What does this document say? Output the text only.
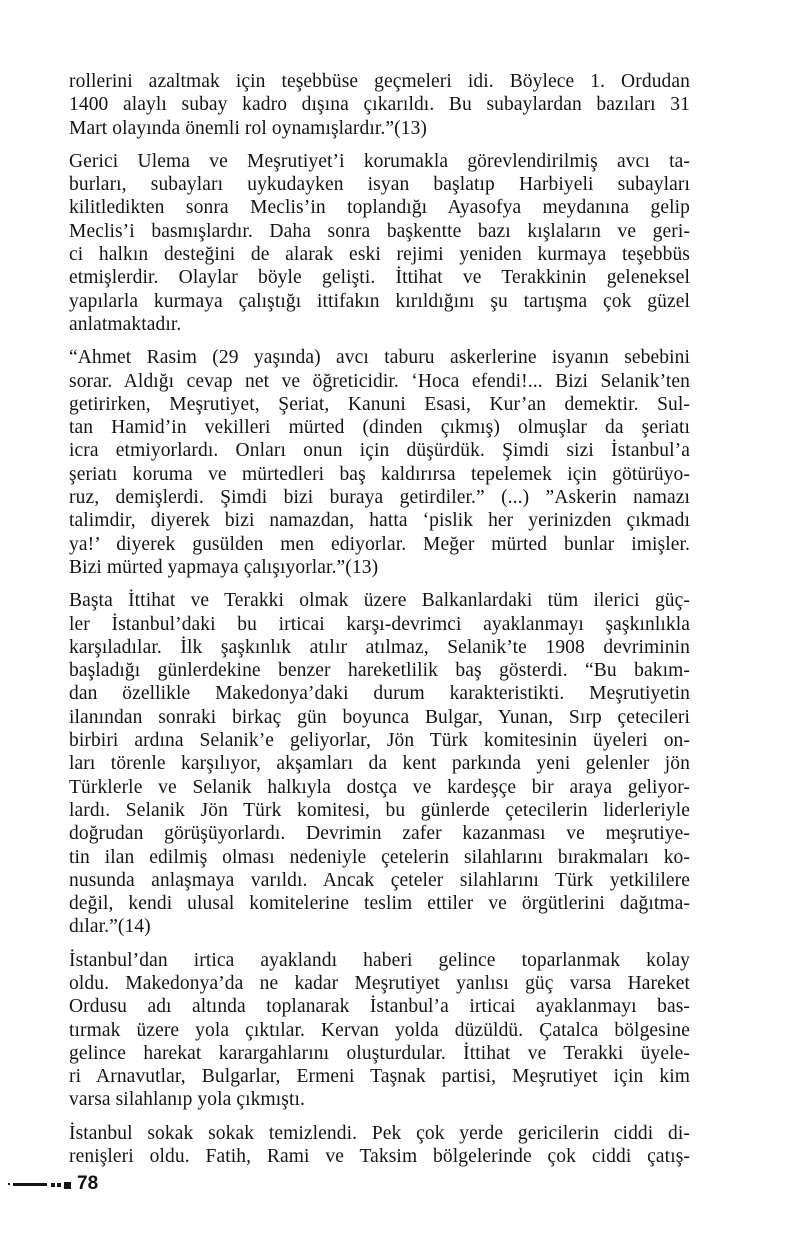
rollerini azaltmak için teşebbüse geçmeleri idi. Böylece 1. Ordudan
1400 alaylı subay kadro dışına çıkarıldı. Bu subaylardan bazıları 31
Mart olayında önemli rol oynamışlardır.”(13)
Gerici Ulema ve Meşrutiyet’i korumakla görevlendirilmiş avcı ta-
burları, subayları uykudayken isyan başlatıp Harbiyeli subayları
kilitledikten sonra Meclis’in toplandığı Ayasofya meydanına gelip
Meclis’i basmışlardır. Daha sonra başkentte bazı kışlaların ve geri-
ci halkın desteğini de alarak eski rejimi yeniden kurmaya teşebbüs
etmişlerdir. Olaylar böyle gelişti. İttihat ve Terakkinin geleneksel
yapılarla kurmaya çalıştığı ittifakın kırıldığını şu tartışma çok güzel
anlatmaktadır.
“Ahmet Rasim (29 yaşında) avcı taburu askerlerine isyanın sebebini
sorar. Aldığı cevap net ve öğreticidir. ‘Hoca efendi!... Bizi Selanik’ten
getirirken, Meşrutiyet, Şeriat, Kanuni Esasi, Kur’an demektir. Sul-
tan Hamid’in vekilleri mürted (dinden çıkmış) olmuşlar da şeriatı
icra etmiyorlardı. Onları onun için düşürdük. Şimdi sizi İstanbul’a
şeriatı koruma ve mürtedleri baş kaldırırsa tepelemek için götürüyo-
ruz, demişlerdi. Şimdi bizi buraya getirdiler.” (...) ”Askerin namazı
talimdir, diyerek bizi namazdan, hatta ‘pislik her yerinizden çıkmadı
ya!’ diyerek gusülden men ediyorlar. Meğer mürted bunlar imişler.
Bizi mürted yapmaya çalışıyorlar.”(13)
Başta İttihat ve Terakki olmak üzere Balkanlardaki tüm ilerici güç-
ler İstanbul’daki bu irticai karşı-devrimci ayaklanmayı şaşkınlıkla
karşıladılar. İlk şaşkınlık atılır atılmaz, Selanik’te 1908 devriminin
başladığı günlerdekine benzer hareketlilik baş gösterdi. “Bu bakım-
dan özellikle Makedonya’daki durum karakteristikti. Meşrutiyetin
ilanından sonraki birkaç gün boyunca Bulgar, Yunan, Sırp çetecileri
birbiri ardına Selanik’e geliyorlar, Jön Türk komitesinin üyeleri on-
ları törenle karşılıyor, akşamları da kent parkında yeni gelenler jön
Türklerle ve Selanik halkıyla dostça ve kardeşçe bir araya geliyor-
lardı. Selanik Jön Türk komitesi, bu günlerde çetecilerin liderleriyle
doğrudan görüşüyorlardı. Devrimin zafer kazanması ve meşrutiye-
tin ilan edilmiş olması nedeniyle çetelerin silahlarını bırakmaları ko-
nusunda anlaşmaya varıldı. Ancak çeteler silahlarını Türk yetkililere
değil, kendi ulusal komitelerine teslim ettiler ve örgütlerini dağıtma-
dılar.”(14)
İstanbul’dan irtica ayaklandı haberi gelince toparlanmak kolay
oldu. Makedonya’da ne kadar Meşrutiyet yanlısı güç varsa Hareket
Ordusu adı altında toplanarak İstanbul’a irticai ayaklanmayı bas-
tırmak üzere yola çıktılar. Kervan yolda düzüldü. Çatalca bölgesine
gelince harekat karargahlarını oluşturdular. İttihat ve Terakki üyele-
ri Arnavutlar, Bulgarlar, Ermeni Taşnak partisi, Meşrutiyet için kim
varsa silahlanıp yola çıkmıştı.
İstanbul sokak sokak temizlendi. Pek çok yerde gericilerin ciddi di-
renişleri oldu. Fatih, Rami ve Taksim bölgelerinde çok ciddi çatış-
78
